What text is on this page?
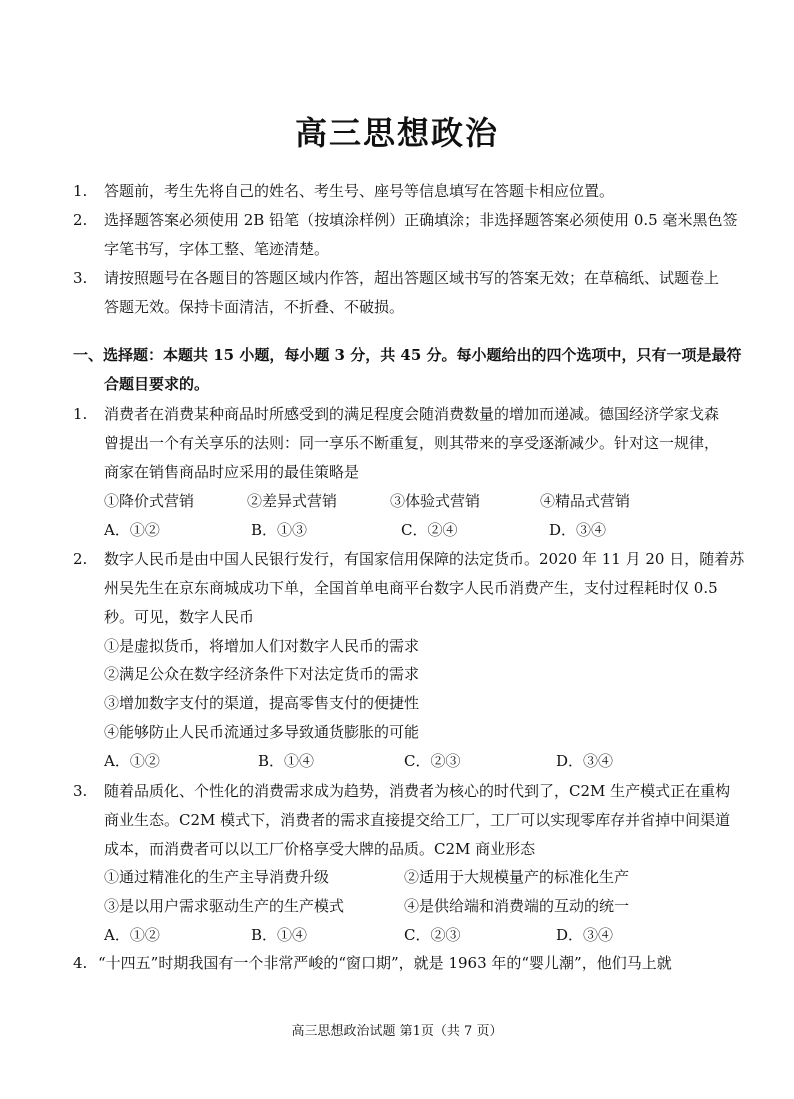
高三思想政治
1. 答题前，考生先将自己的姓名、考生号、座号等信息填写在答题卡相应位置。
2. 选择题答案必须使用 2B 铅笔（按填涂样例）正确填涂；非选择题答案必须使用 0.5 毫米黑色签
字笔书写，字体工整、笔迹清楚。
3. 请按照题号在各题目的答题区域内作答，超出答题区域书写的答案无效；在草稿纸、试题卷上
答题无效。保持卡面清洁，不折叠、不破损。
一、选择题：本题共 15 小题，每小题 3 分，共 45 分。每小题给出的四个选项中，只有一项是最符
合题目要求的。
1. 消费者在消费某种商品时所感受到的满足程度会随消费数量的增加而递减。德国经济学家戈森
曾提出一个有关享乐的法则：同一享乐不断重复，则其带来的享受逐渐减少。针对这一规律，
商家在销售商品时应采用的最佳策略是
①降价式营销	②差异式营销	③体验式营销	④精品式营销
A．①②	B．①③	C．②④	D．③④
2. 数字人民币是由中国人民银行发行，有国家信用保障的法定货币。2020 年 11 月 20 日，随着苏
州吴先生在京东商城成功下单，全国首单电商平台数字人民币消费产生，支付过程耗时仅 0.5
秒。可见，数字人民币
①是虚拟货币，将增加人们对数字人民币的需求
②满足公众在数字经济条件下对法定货币的需求
③增加数字支付的渠道，提高零售支付的便捷性
④能够防止人民币流通过多导致通货膨胀的可能
A．①②	B．①④	C．②③	D．③④
3. 随着品质化、个性化的消费需求成为趋势，消费者为核心的时代到了，C2M 生产模式正在重构
商业生态。C2M 模式下，消费者的需求直接提交给工厂，工厂可以实现零库存并省掉中间渠道
成本，而消费者可以以工厂价格享受大牌的品质。C2M 商业形态
①通过精准化的生产主导消费升级	②适用于大规模量产的标准化生产
③是以用户需求驱动生产的生产模式	④是供给端和消费端的互动的统一
A．①②	B．①④	C．②③	D．③④
4. “十四五”时期我国有一个非常严峻的“窗口期”，就是 1963 年的“婴儿潮”，他们马上就
高三思想政治试题 第1页（共 7 页）
